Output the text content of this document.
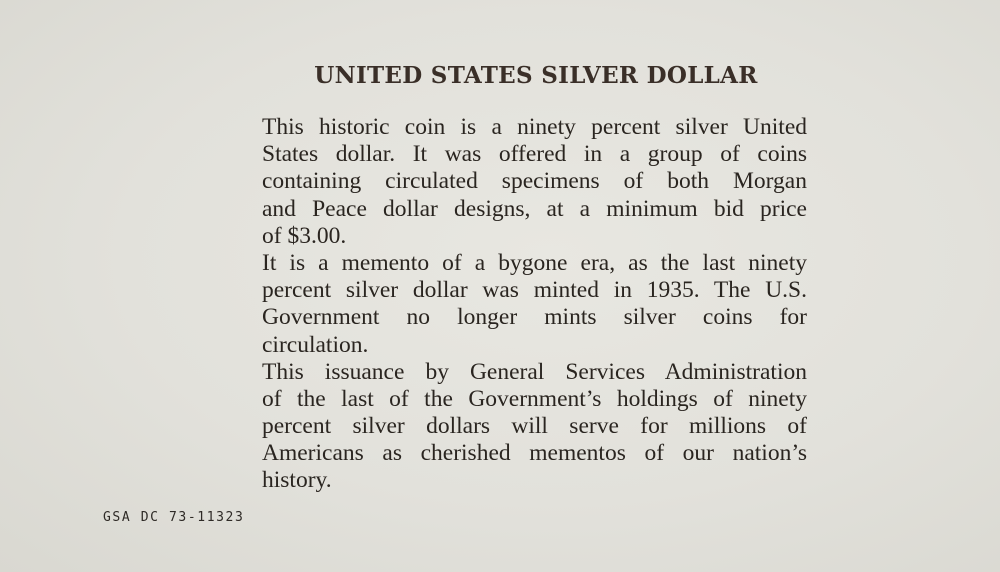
UNITED STATES SILVER DOLLAR
This historic coin is a ninety percent silver United
States dollar. It was offered in a group of coins
containing circulated specimens of both Morgan
and Peace dollar designs, at a minimum bid price
of $3.00.
It is a memento of a bygone era, as the last ninety
percent silver dollar was minted in 1935. The U.S.
Government no longer mints silver coins for
circulation.
This issuance by General Services Administration
of the last of the Government’s holdings of ninety
percent silver dollars will serve for millions of
Americans as cherished mementos of our nation’s
history.
GSA DC 73-11323
